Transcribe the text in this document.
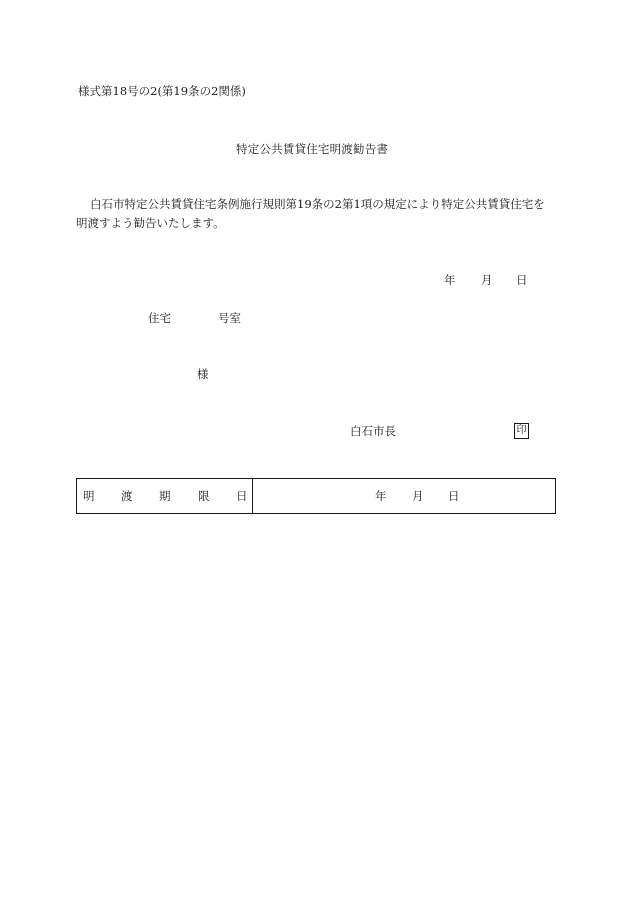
様式第18号の2(第19条の2関係)
特定公共賃貸住宅明渡勧告書
白石市特定公共賃貸住宅条例施行規則第19条の2第1項の規定により特定公共賃貸住宅を
明渡すよう勧告いたします。
年 月 日
住宅	号室
様
白石市長	印
明 渡 期 限 日	年 月 日
